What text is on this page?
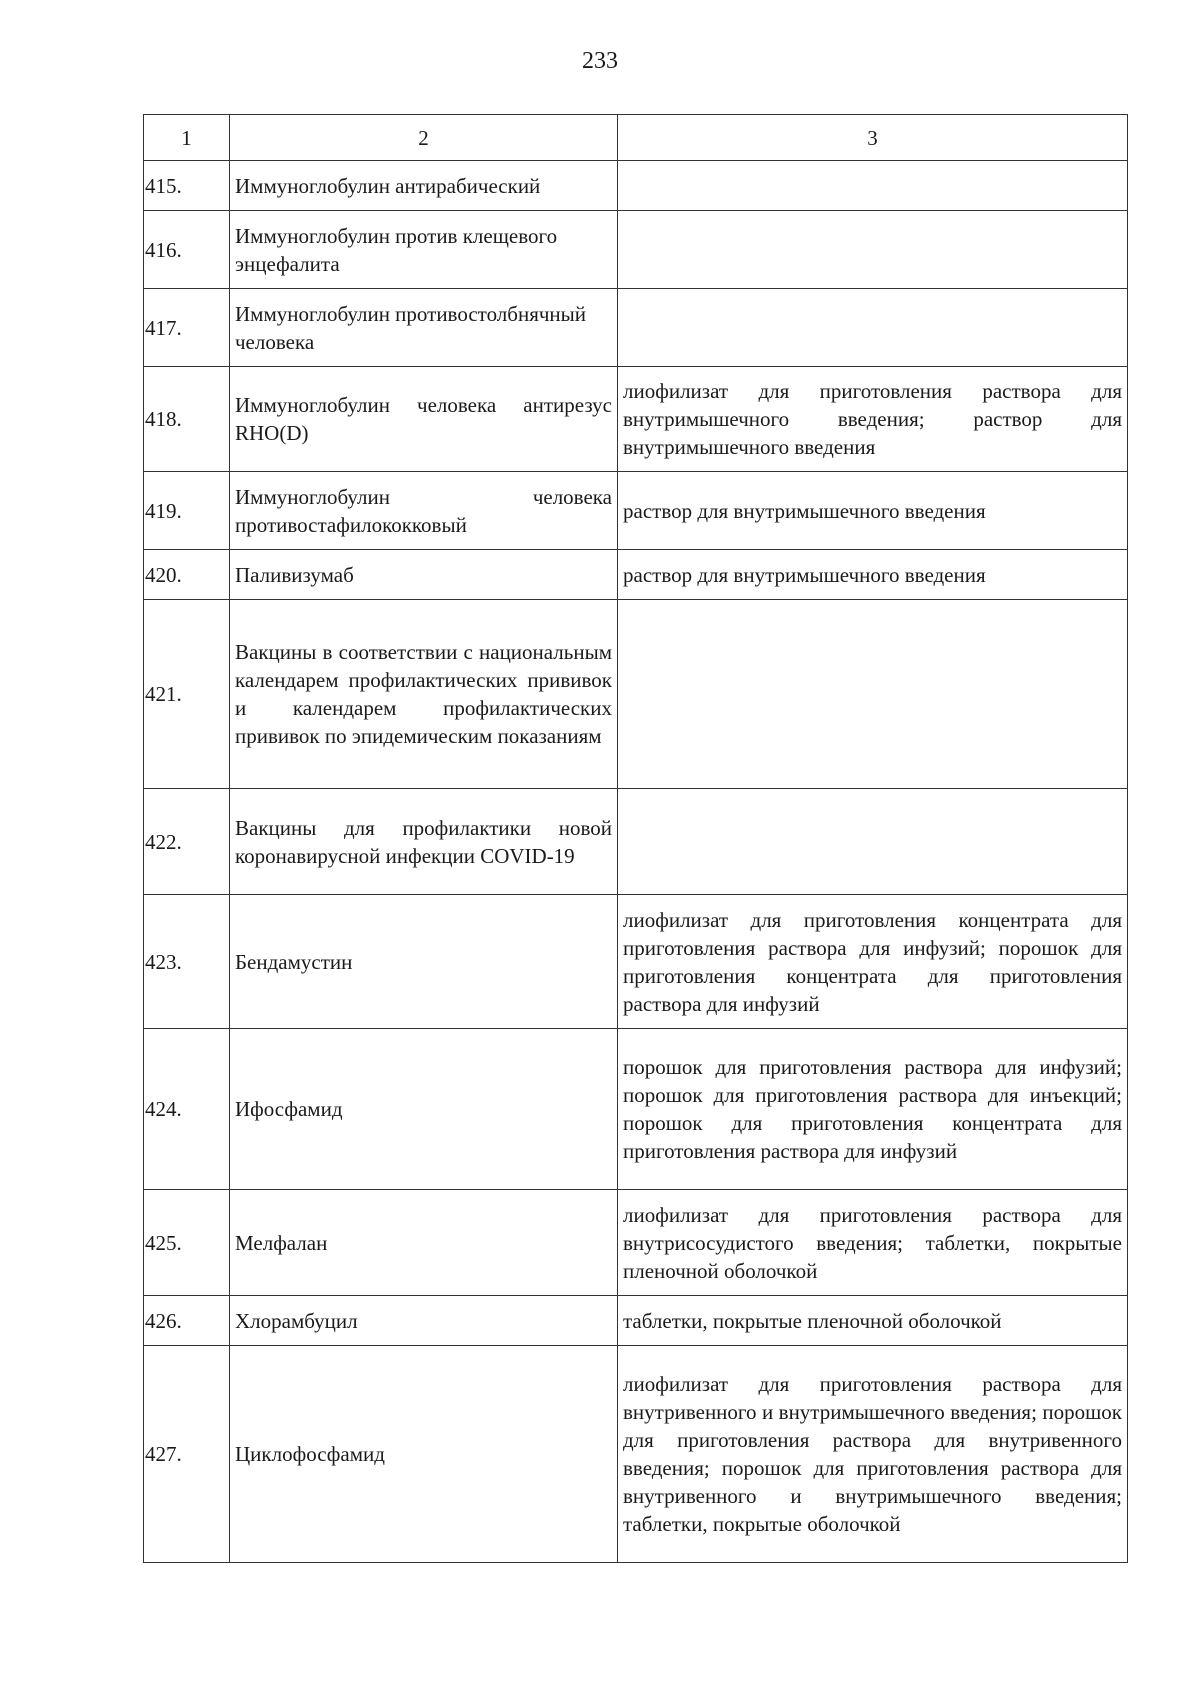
233
1	2	3
415.	Иммуноглобулин антирабический	
416.	Иммуноглобулин против клещевого энцефалита	
417.	Иммуноглобулин противостолбнячный человека	
418.	Иммуноглобулин человека антирезус RHO(D)	лиофилизат для приготовления раствора для внутримышечного введения; раствор для внутримышечного введения
419.	Иммуноглобулин человека противостафилококковый	раствор для внутримышечного введения
420.	Паливизумаб	раствор для внутримышечного введения
421.	Вакцины в соответствии с национальным календарем профилактических прививок и календарем профилактических прививок по эпидемическим показаниям	
422.	Вакцины для профилактики новой коронавирусной инфекции COVID-19	
423.	Бендамустин	лиофилизат для приготовления концентрата для приготовления раствора для инфузий; порошок для приготовления концентрата для приготовления раствора для инфузий
424.	Ифосфамид	порошок для приготовления раствора для инфузий; порошок для приготовления раствора для инъекций; порошок для приготовления концентрата для приготовления раствора для инфузий
425.	Мелфалан	лиофилизат для приготовления раствора для внутрисосудистого введения; таблетки, покрытые пленочной оболочкой
426.	Хлорамбуцил	таблетки, покрытые пленочной оболочкой
427.	Циклофосфамид	лиофилизат для приготовления раствора для внутривенного и внутримышечного введения; порошок для приготовления раствора для внутривенного введения; порошок для приготовления раствора для внутривенного и внутримышечного введения; таблетки, покрытые оболочкой
